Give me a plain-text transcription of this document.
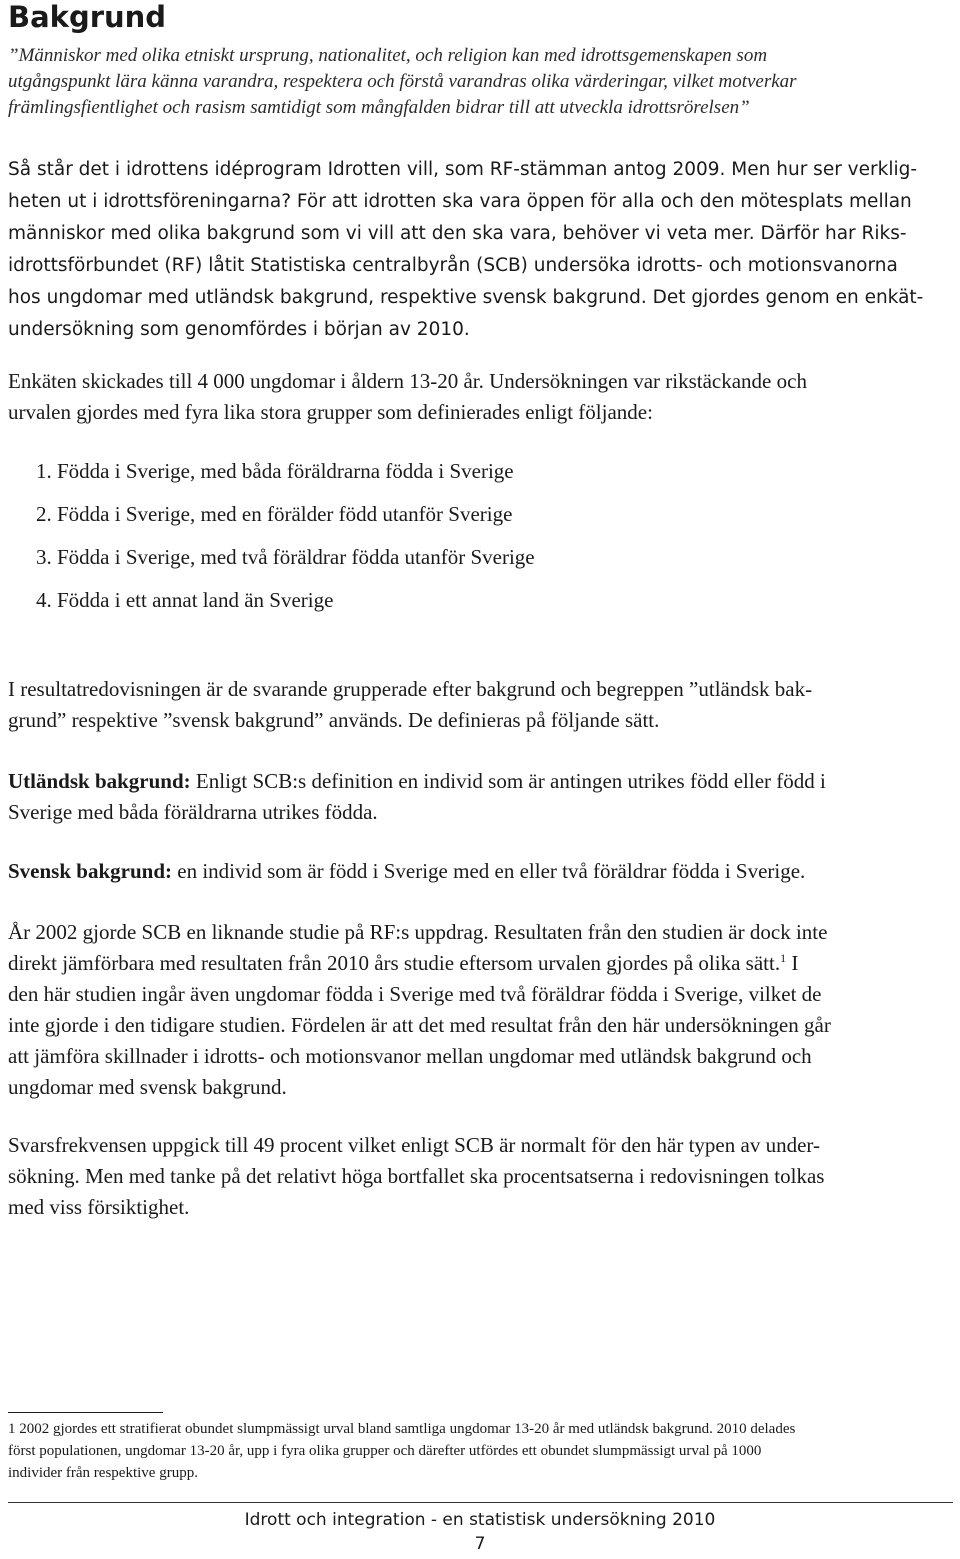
Bakgrund

”Människor med olika etniskt ursprung, nationalitet, och religion kan med idrottsgemenskapen som
utgångspunkt lära känna varandra, respektera och förstå varandras olika värderingar, vilket motverkar
främlingsfientlighet och rasism samtidigt som mångfalden bidrar till att utveckla idrottsrörelsen”

Så står det i idrottens idéprogram Idrotten vill, som RF-stämman antog 2009. Men hur ser verklig-
heten ut i idrottsföreningarna? För att idrotten ska vara öppen för alla och den mötesplats mellan
människor med olika bakgrund som vi vill att den ska vara, behöver vi veta mer. Därför har Riks-
idrottsförbundet (RF) låtit Statistiska centralbyrån (SCB) undersöka idrotts- och motionsvanorna
hos ungdomar med utländsk bakgrund, respektive svensk bakgrund. Det gjordes genom en enkät-
undersökning som genomfördes i början av 2010.

Enkäten skickades till 4 000 ungdomar i åldern 13-20 år. Undersökningen var rikstäckande och
urvalen gjordes med fyra lika stora grupper som definierades enligt följande:

1. Födda i Sverige, med båda föräldrarna födda i Sverige
2. Födda i Sverige, med en förälder född utanför Sverige
3. Födda i Sverige, med två föräldrar födda utanför Sverige
4. Födda i ett annat land än Sverige

I resultatredovisningen är de svarande grupperade efter bakgrund och begreppen ”utländsk bak-
grund” respektive ”svensk bakgrund” används. De definieras på följande sätt.

Utländsk bakgrund: Enligt SCB:s definition en individ som är antingen utrikes född eller född i
Sverige med båda föräldrarna utrikes födda.

Svensk bakgrund: en individ som är född i Sverige med en eller två föräldrar födda i Sverige.

År 2002 gjorde SCB en liknande studie på RF:s uppdrag. Resultaten från den studien är dock inte
direkt jämförbara med resultaten från 2010 års studie eftersom urvalen gjordes på olika sätt.$^1$ I
den här studien ingår även ungdomar födda i Sverige med två föräldrar födda i Sverige, vilket de
inte gjorde i den tidigare studien. Fördelen är att det med resultat från den här undersökningen går
att jämföra skillnader i idrotts- och motionsvanor mellan ungdomar med utländsk bakgrund och
ungdomar med svensk bakgrund.

Svarsfrekvensen uppgick till 49 procent vilket enligt SCB är normalt för den här typen av under-
sökning. Men med tanke på det relativt höga bortfallet ska procentsatserna i redovisningen tolkas
med viss försiktighet.

1 2002 gjordes ett stratifierat obundet slumpmässigt urval bland samtliga ungdomar 13-20 år med utländsk bakgrund. 2010 delades
först populationen, ungdomar 13-20 år, upp i fyra olika grupper och därefter utfördes ett obundet slumpmässigt urval på 1000
individer från respektive grupp.

Idrott och integration - en statistisk undersökning 2010
7
